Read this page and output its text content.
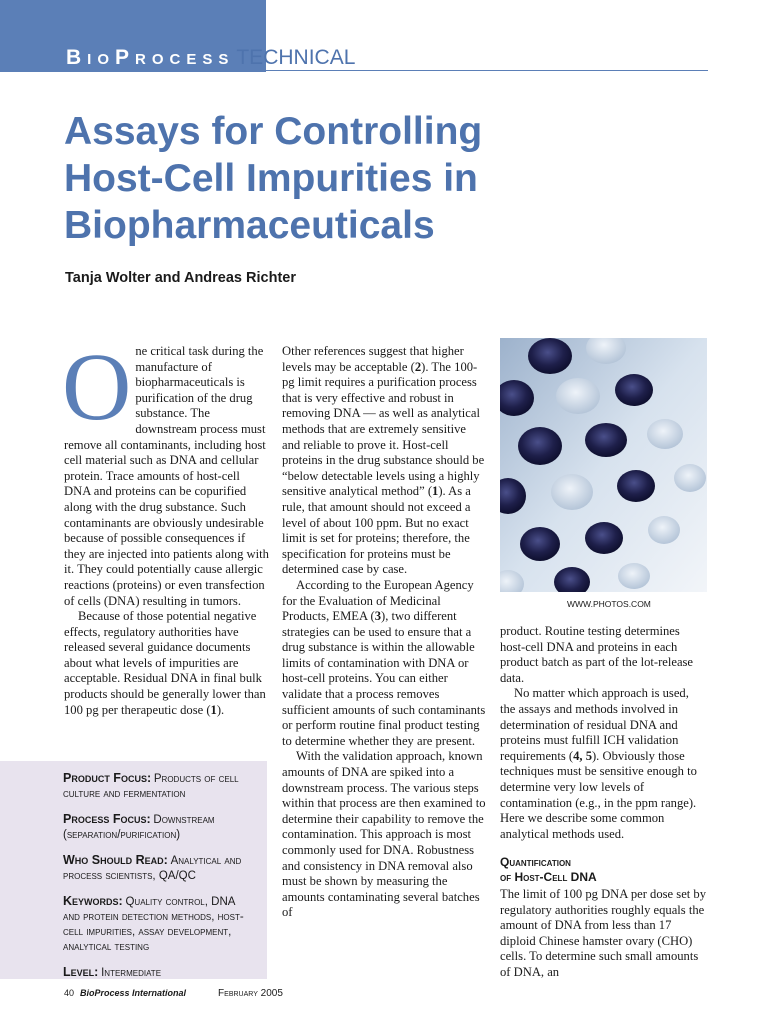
BioProcessTECHNICAL

Assays for Controlling
Host-Cell Impurities in
Biopharmaceuticals

Tanja Wolter and Andreas Richter

One critical task during the manufacture of biopharmaceuticals is purification of the drug substance. The downstream process must remove all contaminants, including host cell material such as DNA and cellular protein. Trace amounts of host-cell DNA and proteins can be copurified along with the drug substance. Such contaminants are obviously undesirable because of possible consequences if they are injected into patients along with it. They could potentially cause allergic reactions (proteins) or even transfection of cells (DNA) resulting in tumors.

Because of those potential negative effects, regulatory authorities have released several guidance documents about what levels of impurities are acceptable. Residual DNA in final bulk products should be generally lower than 100 pg per therapeutic dose (1).

Product Focus: Products of cell culture and fermentation
Process Focus: Downstream (separation/purification)
Who Should Read: Analytical and process scientists, QA/QC
Keywords: Quality control, DNA and protein detection methods, host-cell impurities, assay development, analytical testing
Level: Intermediate

Other references suggest that higher levels may be acceptable (2). The 100-pg limit requires a purification process that is very effective and robust in removing DNA — as well as analytical methods that are extremely sensitive and reliable to prove it. Host-cell proteins in the drug substance should be “below detectable levels using a highly sensitive analytical method” (1). As a rule, that amount should not exceed a level of about 100 ppm. But no exact limit is set for proteins; therefore, the specification for proteins must be determined case by case.

According to the European Agency for the Evaluation of Medicinal Products, EMEA (3), two different strategies can be used to ensure that a drug substance is within the allowable limits of contamination with DNA or host-cell proteins. You can either validate that a process removes sufficient amounts of such contaminants or perform routine final product testing to determine whether they are present.

With the validation approach, known amounts of DNA are spiked into a downstream process. The various steps within that process are then examined to determine their capability to remove the contamination. This approach is most commonly used for DNA. Robustness and consistency in DNA removal also must be shown by measuring the amounts contaminating several batches of

WWW.PHOTOS.COM

product. Routine testing determines host-cell DNA and proteins in each product batch as part of the lot-release data.

No matter which approach is used, the assays and methods involved in determination of residual DNA and proteins must fulfill ICH validation requirements (4, 5). Obviously those techniques must be sensitive enough to determine very low levels of contamination (e.g., in the ppm range). Here we describe some common analytical methods used.

Quantification
of Host-Cell DNA

The limit of 100 pg DNA per dose set by regulatory authorities roughly equals the amount of DNA from less than 17 diploid Chinese hamster ovary (CHO) cells. To determine such small amounts of DNA, an

40 BioProcess International	February 2005
